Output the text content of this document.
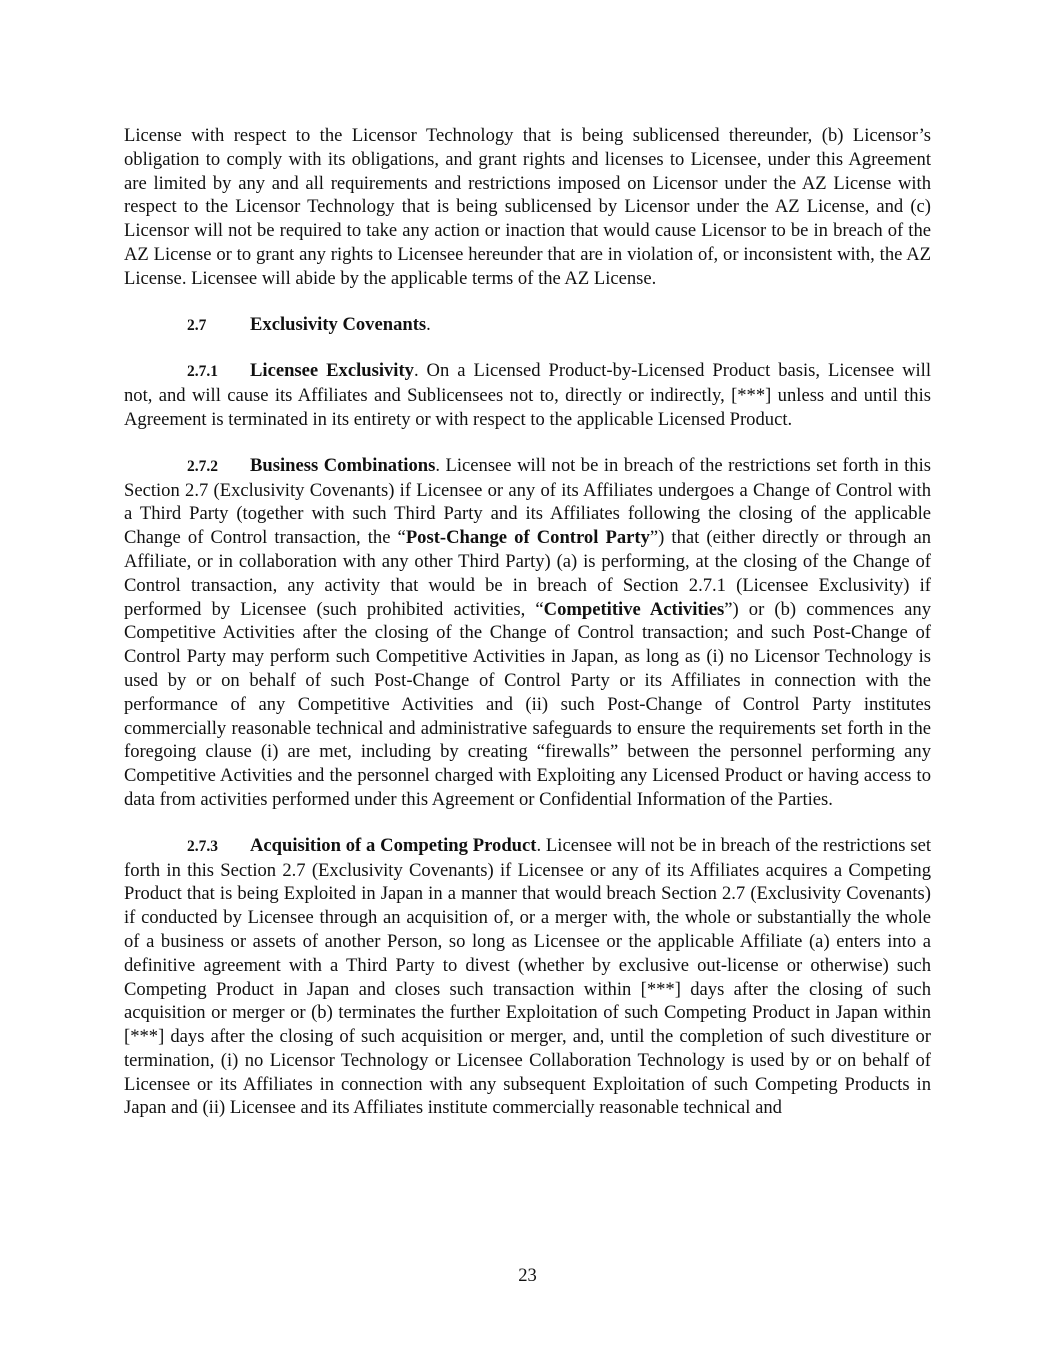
License with respect to the Licensor Technology that is being sublicensed thereunder, (b) Licensor’s obligation to comply with its obligations, and grant rights and licenses to Licensee, under this Agreement are limited by any and all requirements and restrictions imposed on Licensor under the AZ License with respect to the Licensor Technology that is being sublicensed by Licensor under the AZ License, and (c) Licensor will not be required to take any action or inaction that would cause Licensor to be in breach of the AZ License or to grant any rights to Licensee hereunder that are in violation of, or inconsistent with, the AZ License. Licensee will abide by the applicable terms of the AZ License.

2.7 Exclusivity Covenants.

2.7.1 Licensee Exclusivity. On a Licensed Product-by-Licensed Product basis, Licensee will not, and will cause its Affiliates and Sublicensees not to, directly or indirectly, [***] unless and until this Agreement is terminated in its entirety or with respect to the applicable Licensed Product.

2.7.2 Business Combinations. Licensee will not be in breach of the restrictions set forth in this Section 2.7 (Exclusivity Covenants) if Licensee or any of its Affiliates undergoes a Change of Control with a Third Party (together with such Third Party and its Affiliates following the closing of the applicable Change of Control transaction, the “Post-Change of Control Party”) that (either directly or through an Affiliate, or in collaboration with any other Third Party) (a) is performing, at the closing of the Change of Control transaction, any activity that would be in breach of Section 2.7.1 (Licensee Exclusivity) if performed by Licensee (such prohibited activities, “Competitive Activities”) or (b) commences any Competitive Activities after the closing of the Change of Control transaction; and such Post-Change of Control Party may perform such Competitive Activities in Japan, as long as (i) no Licensor Technology is used by or on behalf of such Post-Change of Control Party or its Affiliates in connection with the performance of any Competitive Activities and (ii) such Post-Change of Control Party institutes commercially reasonable technical and administrative safeguards to ensure the requirements set forth in the foregoing clause (i) are met, including by creating “firewalls” between the personnel performing any Competitive Activities and the personnel charged with Exploiting any Licensed Product or having access to data from activities performed under this Agreement or Confidential Information of the Parties.

2.7.3 Acquisition of a Competing Product. Licensee will not be in breach of the restrictions set forth in this Section 2.7 (Exclusivity Covenants) if Licensee or any of its Affiliates acquires a Competing Product that is being Exploited in Japan in a manner that would breach Section 2.7 (Exclusivity Covenants) if conducted by Licensee through an acquisition of, or a merger with, the whole or substantially the whole of a business or assets of another Person, so long as Licensee or the applicable Affiliate (a) enters into a definitive agreement with a Third Party to divest (whether by exclusive out-license or otherwise) such Competing Product in Japan and closes such transaction within [***] days after the closing of such acquisition or merger or (b) terminates the further Exploitation of such Competing Product in Japan within [***] days after the closing of such acquisition or merger, and, until the completion of such divestiture or termination, (i) no Licensor Technology or Licensee Collaboration Technology is used by or on behalf of Licensee or its Affiliates in connection with any subsequent Exploitation of such Competing Products in Japan and (ii) Licensee and its Affiliates institute commercially reasonable technical and

23
